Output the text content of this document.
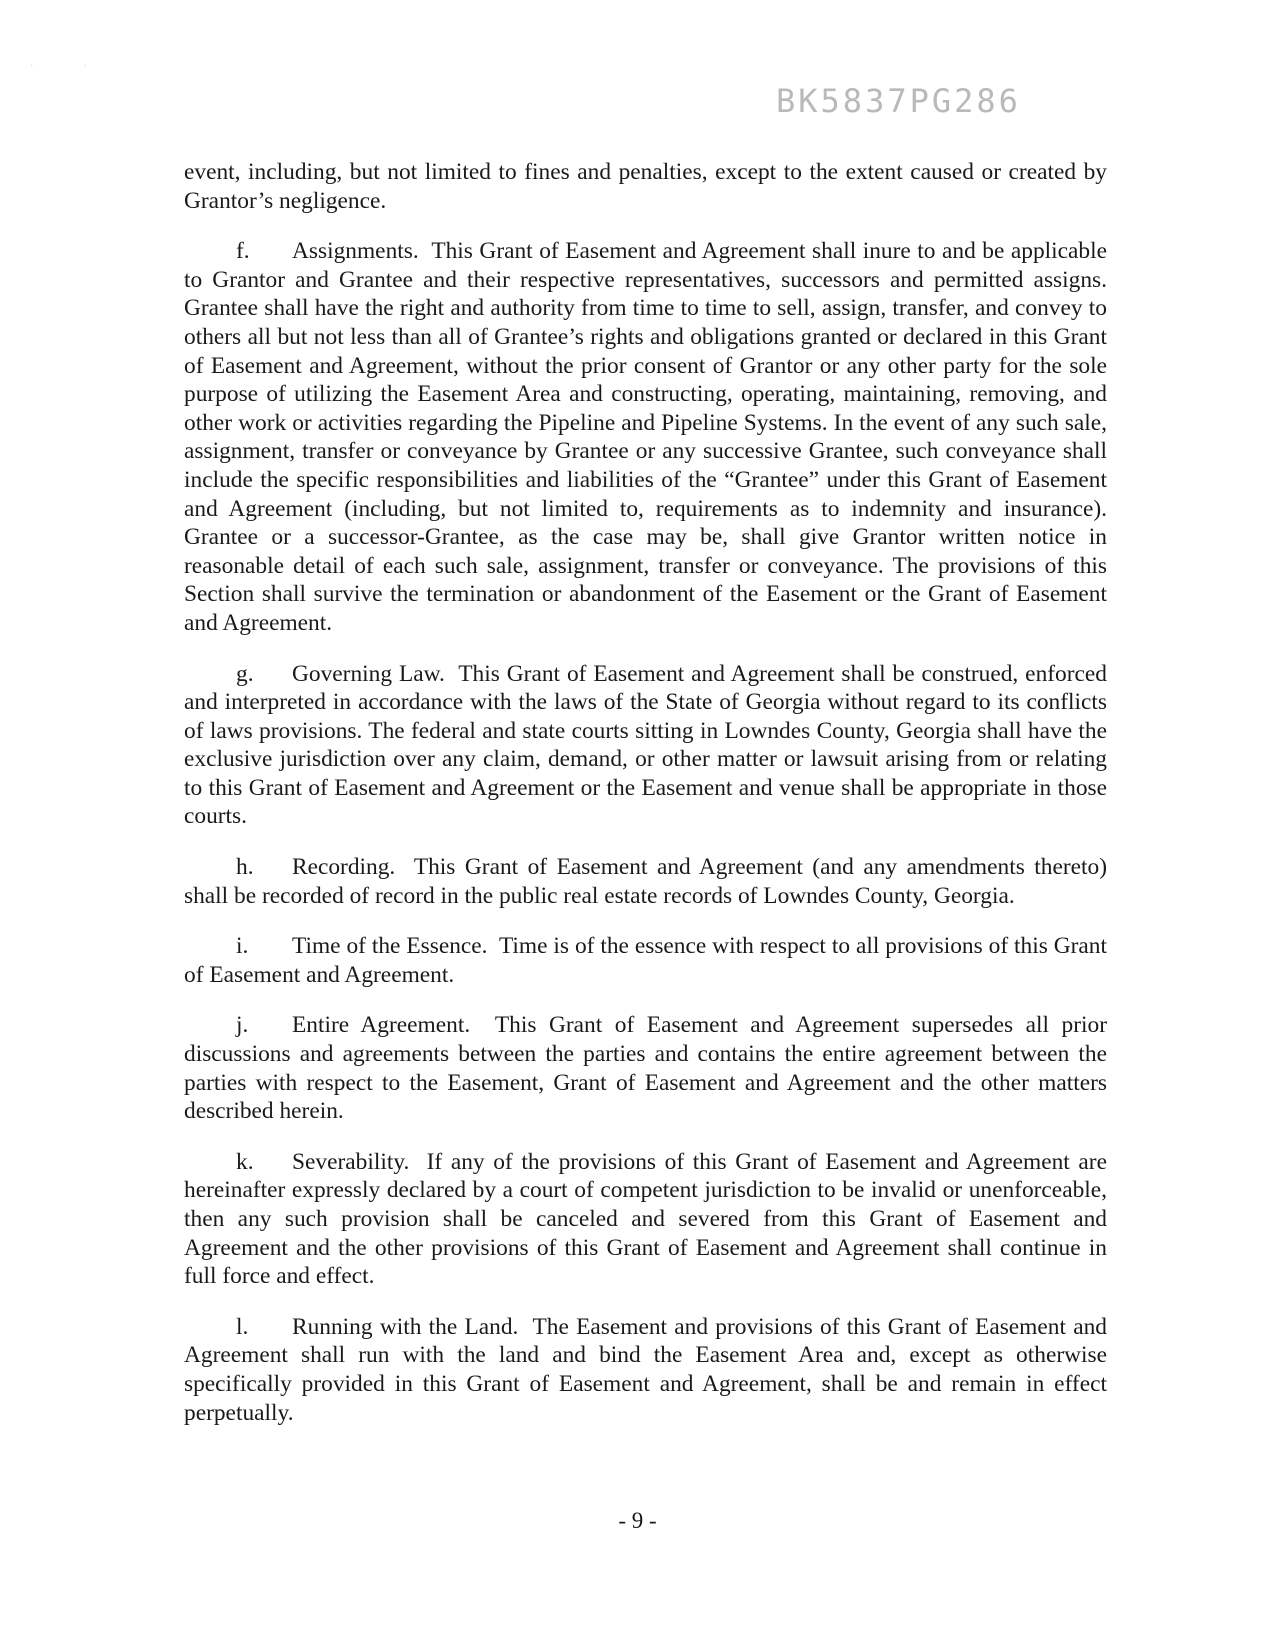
·                  ·
BK5837PG286

event, including, but not limited to fines and penalties, except to the extent caused or created by Grantor’s negligence.

f. Assignments. This Grant of Easement and Agreement shall inure to and be applicable to Grantor and Grantee and their respective representatives, successors and permitted assigns. Grantee shall have the right and authority from time to time to sell, assign, transfer, and convey to others all but not less than all of Grantee’s rights and obligations granted or declared in this Grant of Easement and Agreement, without the prior consent of Grantor or any other party for the sole purpose of utilizing the Easement Area and constructing, operating, maintaining, removing, and other work or activities regarding the Pipeline and Pipeline Systems. In the event of any such sale, assignment, transfer or conveyance by Grantee or any successive Grantee, such conveyance shall include the specific responsibilities and liabilities of the “Grantee” under this Grant of Easement and Agreement (including, but not limited to, requirements as to indemnity and insurance). Grantee or a successor-Grantee, as the case may be, shall give Grantor written notice in reasonable detail of each such sale, assignment, transfer or conveyance. The provisions of this Section shall survive the termination or abandonment of the Easement or the Grant of Easement and Agreement.

g. Governing Law. This Grant of Easement and Agreement shall be construed, enforced and interpreted in accordance with the laws of the State of Georgia without regard to its conflicts of laws provisions. The federal and state courts sitting in Lowndes County, Georgia shall have the exclusive jurisdiction over any claim, demand, or other matter or lawsuit arising from or relating to this Grant of Easement and Agreement or the Easement and venue shall be appropriate in those courts.

h. Recording. This Grant of Easement and Agreement (and any amendments thereto) shall be recorded of record in the public real estate records of Lowndes County, Georgia.

i. Time of the Essence. Time is of the essence with respect to all provisions of this Grant of Easement and Agreement.

j. Entire Agreement. This Grant of Easement and Agreement supersedes all prior discussions and agreements between the parties and contains the entire agreement between the parties with respect to the Easement, Grant of Easement and Agreement and the other matters described herein.

k. Severability. If any of the provisions of this Grant of Easement and Agreement are hereinafter expressly declared by a court of competent jurisdiction to be invalid or unenforceable, then any such provision shall be canceled and severed from this Grant of Easement and Agreement and the other provisions of this Grant of Easement and Agreement shall continue in full force and effect.

l. Running with the Land. The Easement and provisions of this Grant of Easement and Agreement shall run with the land and bind the Easement Area and, except as otherwise specifically provided in this Grant of Easement and Agreement, shall be and remain in effect perpetually.

- 9 -
